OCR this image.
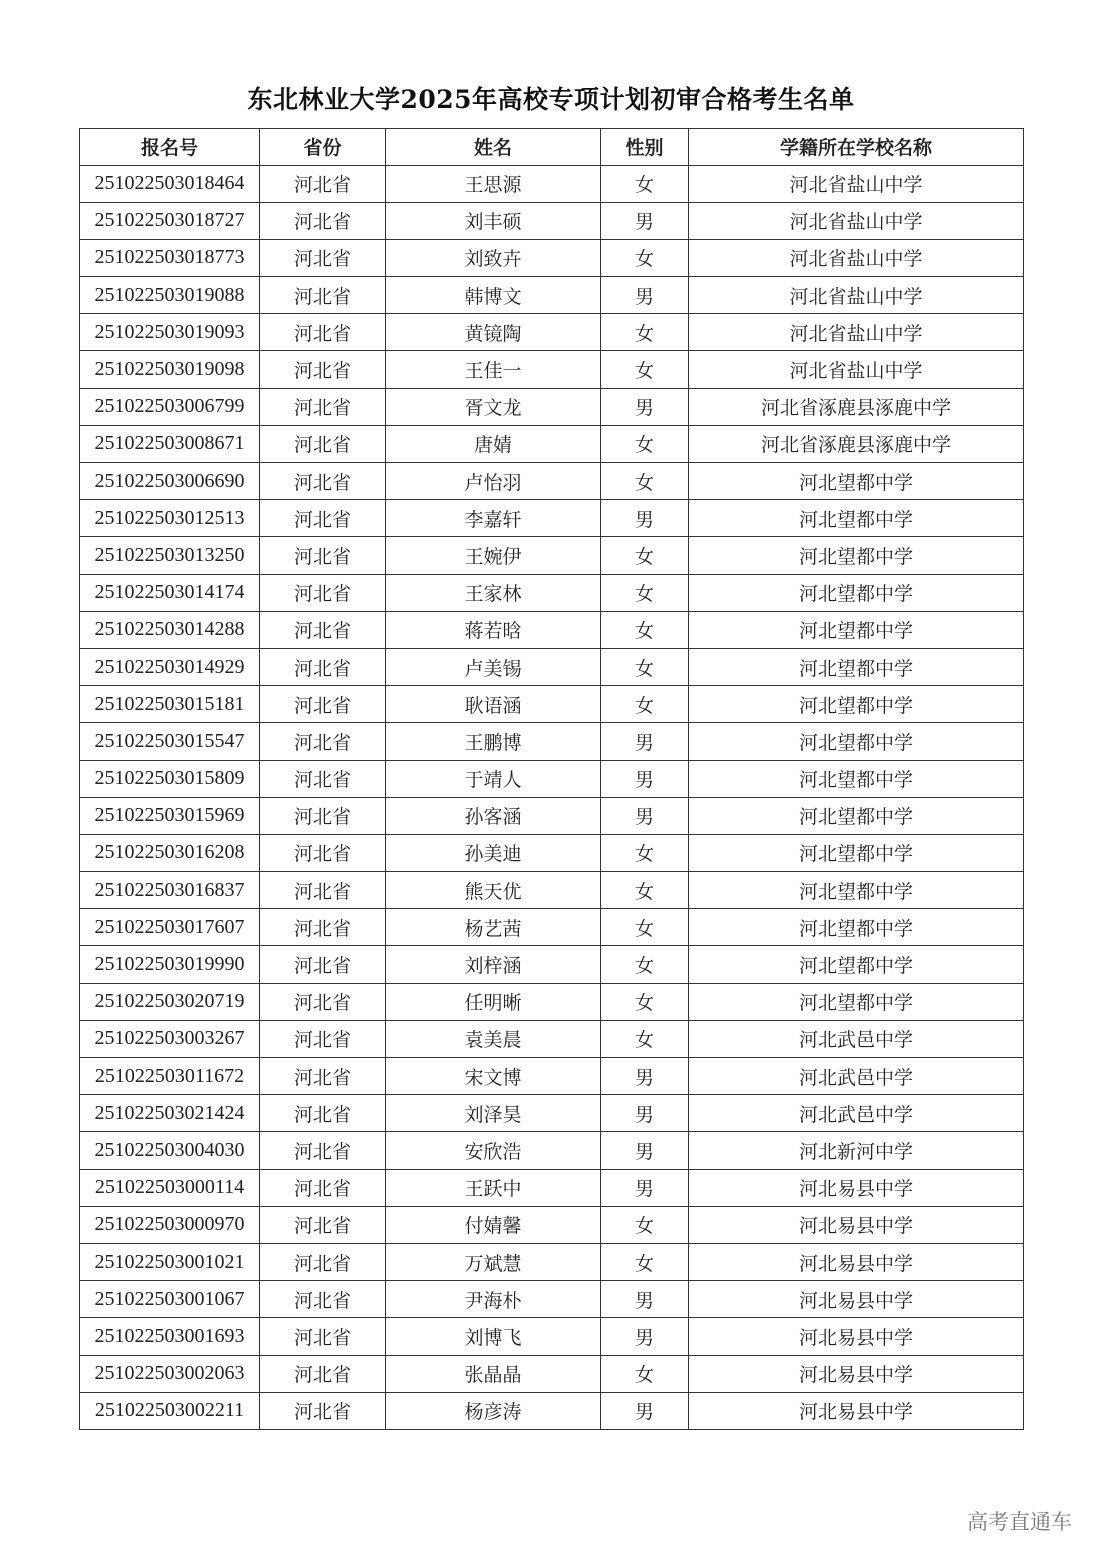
东北林业大学2025年高校专项计划初审合格考生名单
报名号	省份	姓名	性别	学籍所在学校名称
251022503018464	河北省	王思源	女	河北省盐山中学
251022503018727	河北省	刘丰硕	男	河北省盐山中学
251022503018773	河北省	刘致卉	女	河北省盐山中学
251022503019088	河北省	韩博文	男	河北省盐山中学
251022503019093	河北省	黄镜陶	女	河北省盐山中学
251022503019098	河北省	王佳一	女	河北省盐山中学
251022503006799	河北省	胥文龙	男	河北省涿鹿县涿鹿中学
251022503008671	河北省	唐婧	女	河北省涿鹿县涿鹿中学
251022503006690	河北省	卢怡羽	女	河北望都中学
251022503012513	河北省	李嘉轩	男	河北望都中学
251022503013250	河北省	王婉伊	女	河北望都中学
251022503014174	河北省	王家林	女	河北望都中学
251022503014288	河北省	蒋若晗	女	河北望都中学
251022503014929	河北省	卢美锡	女	河北望都中学
251022503015181	河北省	耿语涵	女	河北望都中学
251022503015547	河北省	王鹏博	男	河北望都中学
251022503015809	河北省	于靖人	男	河北望都中学
251022503015969	河北省	孙客涵	男	河北望都中学
251022503016208	河北省	孙美迪	女	河北望都中学
251022503016837	河北省	熊天优	女	河北望都中学
251022503017607	河北省	杨艺茜	女	河北望都中学
251022503019990	河北省	刘梓涵	女	河北望都中学
251022503020719	河北省	任明晰	女	河北望都中学
251022503003267	河北省	袁美晨	女	河北武邑中学
251022503011672	河北省	宋文博	男	河北武邑中学
251022503021424	河北省	刘泽昊	男	河北武邑中学
251022503004030	河北省	安欣浩	男	河北新河中学
251022503000114	河北省	王跃中	男	河北易县中学
251022503000970	河北省	付婧馨	女	河北易县中学
251022503001021	河北省	万斌慧	女	河北易县中学
251022503001067	河北省	尹海朴	男	河北易县中学
251022503001693	河北省	刘博飞	男	河北易县中学
251022503002063	河北省	张晶晶	女	河北易县中学
251022503002211	河北省	杨彦涛	男	河北易县中学
高考直通车
